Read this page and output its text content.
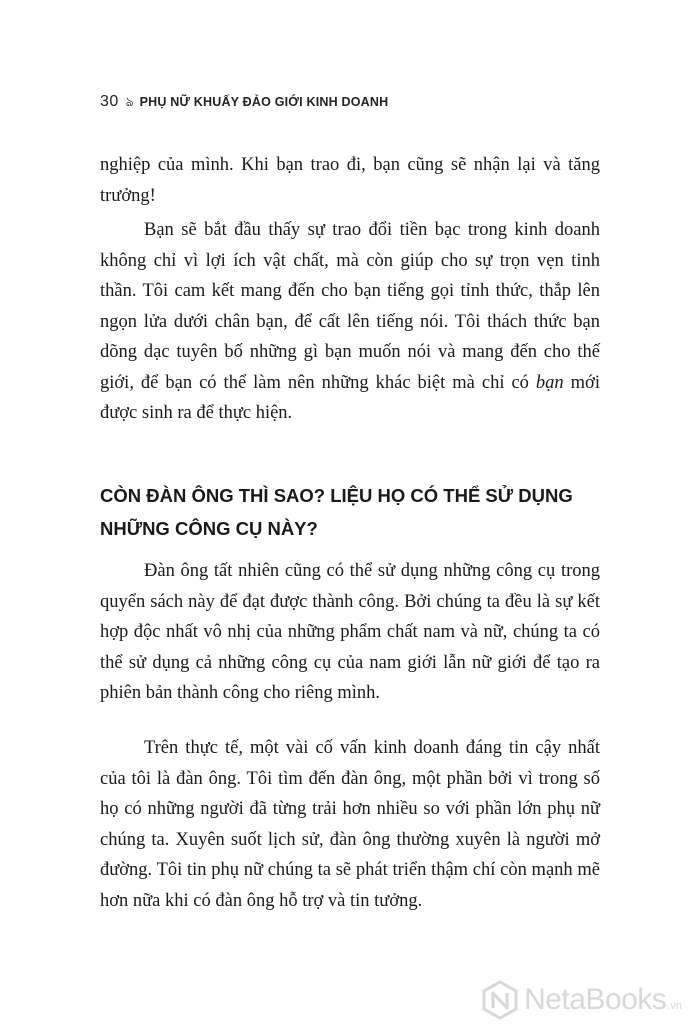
30 ঌ PHỤ NỮ KHUẤY ĐẢO GIỚI KINH DOANH

nghiệp của mình. Khi bạn trao đi, bạn cũng sẽ nhận lại và tăng trưởng!

Bạn sẽ bắt đầu thấy sự trao đổi tiền bạc trong kinh doanh không chỉ vì lợi ích vật chất, mà còn giúp cho sự trọn vẹn tinh thần. Tôi cam kết mang đến cho bạn tiếng gọi tỉnh thức, thắp lên ngọn lửa dưới chân bạn, để cất lên tiếng nói. Tôi thách thức bạn dõng dạc tuyên bố những gì bạn muốn nói và mang đến cho thế giới, để bạn có thể làm nên những khác biệt mà chỉ có bạn mới được sinh ra để thực hiện.

CÒN ĐÀN ÔNG THÌ SAO? LIỆU HỌ CÓ THỂ SỬ DỤNG NHỮNG CÔNG CỤ NÀY?

Đàn ông tất nhiên cũng có thể sử dụng những công cụ trong quyển sách này để đạt được thành công. Bởi chúng ta đều là sự kết hợp độc nhất vô nhị của những phẩm chất nam và nữ, chúng ta có thể sử dụng cả những công cụ của nam giới lẫn nữ giới để tạo ra phiên bản thành công cho riêng mình.

Trên thực tế, một vài cố vấn kinh doanh đáng tin cậy nhất của tôi là đàn ông. Tôi tìm đến đàn ông, một phần bởi vì trong số họ có những người đã từng trải hơn nhiều so với phần lớn phụ nữ chúng ta. Xuyên suốt lịch sử, đàn ông thường xuyên là người mở đường. Tôi tin phụ nữ chúng ta sẽ phát triển thậm chí còn mạnh mẽ hơn nữa khi có đàn ông hỗ trợ và tin tưởng.

NetaBooks .vn
